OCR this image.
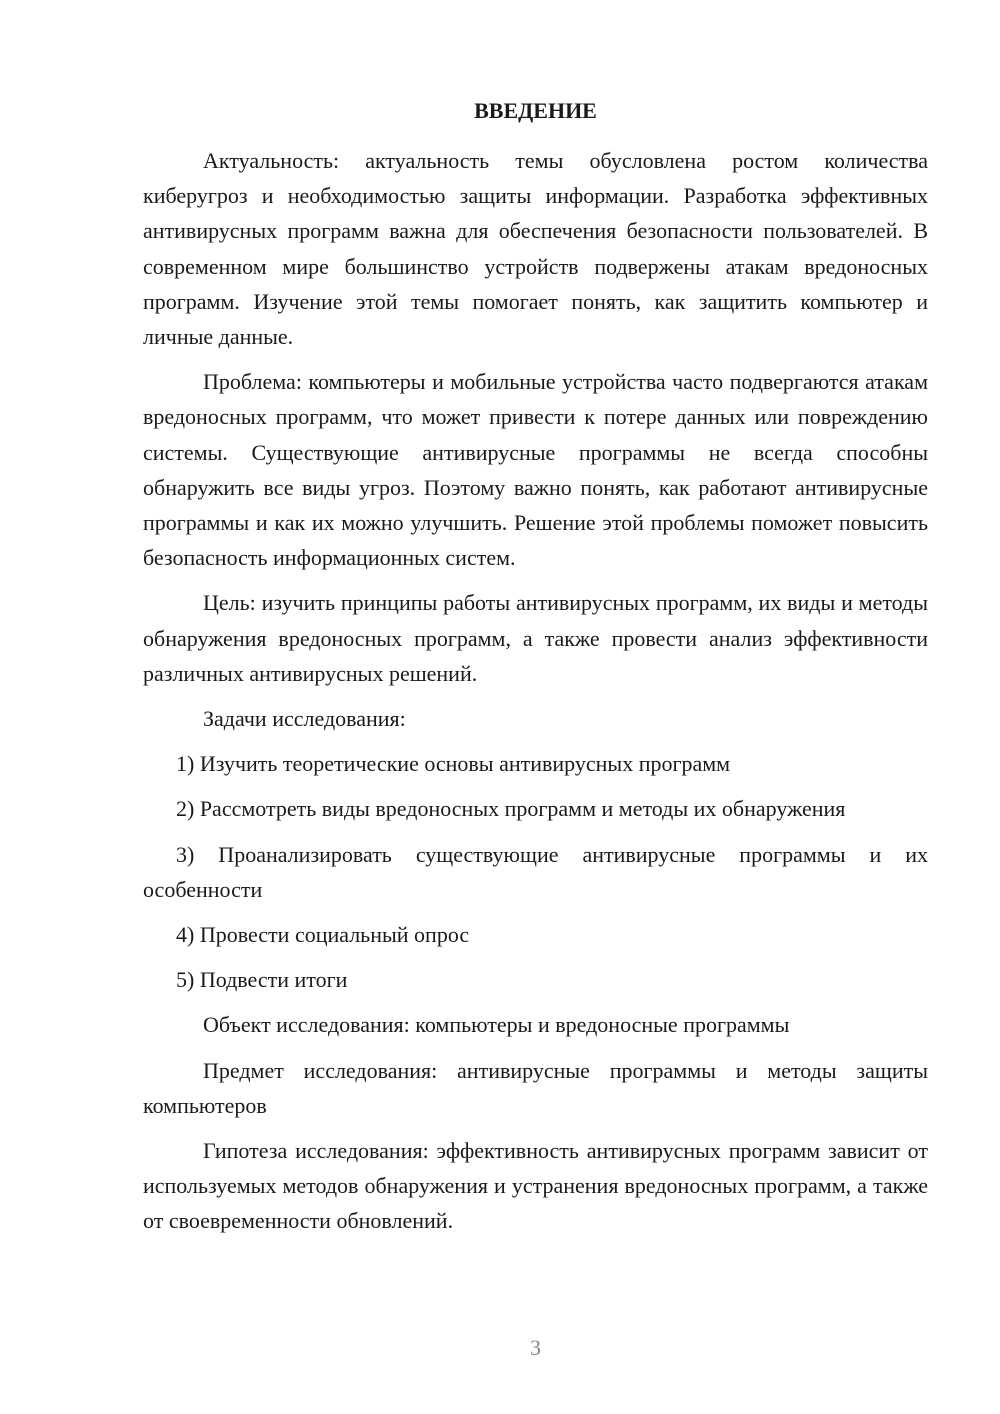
ВВЕДЕНИЕ

Актуальность: актуальность темы обусловлена ростом количества киберугроз и необходимостью защиты информации. Разработка эффективных антивирусных программ важна для обеспечения безопасности пользователей. В современном мире большинство устройств подвержены атакам вредоносных программ. Изучение этой темы помогает понять, как защитить компьютер и личные данные.

Проблема: компьютеры и мобильные устройства часто подвергаются атакам вредоносных программ, что может привести к потере данных или повреждению системы. Существующие антивирусные программы не всегда способны обнаружить все виды угроз. Поэтому важно понять, как работают антивирусные программы и как их можно улучшить. Решение этой проблемы поможет повысить безопасность информационных систем.

Цель: изучить принципы работы антивирусных программ, их виды и методы обнаружения вредоносных программ, а также провести анализ эффективности различных антивирусных решений.

Задачи исследования:

1) Изучить теоретические основы антивирусных программ

2) Рассмотреть виды вредоносных программ и методы их обнаружения

3) Проанализировать существующие антивирусные программы и их особенности

4) Провести социальный опрос

5) Подвести итоги

Объект исследования: компьютеры и вредоносные программы

Предмет исследования: антивирусные программы и методы защиты компьютеров

Гипотеза исследования: эффективность антивирусных программ зависит от используемых методов обнаружения и устранения вредоносных программ, а также от своевременности обновлений.

3
